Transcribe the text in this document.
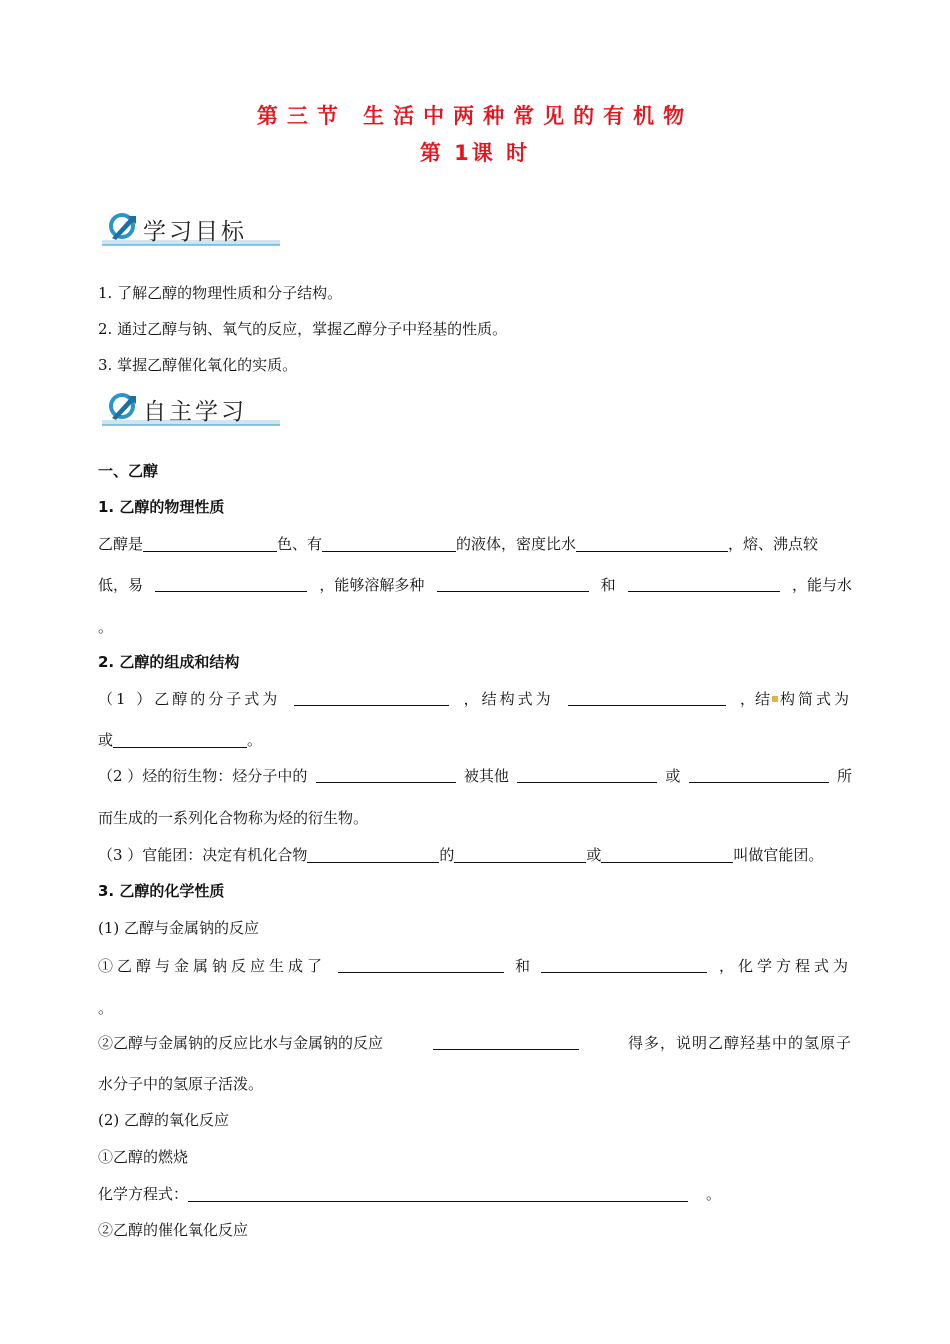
第三节 生活中两种常见的有机物
第 1课 时
学习目标
1. 了解乙醇的物理性质和分子结构。
2. 通过乙醇与钠、氧气的反应，掌握乙醇分子中羟基的性质。
3. 掌握乙醇催化氧化的实质。
自主学习
一、乙醇
1. 乙醇的物理性质
乙醇是	色、有	的液体，密度比水	，熔、沸点较
低，易	，能够溶解多种	和	，能与水
。
2. 乙醇的组成和结构
（1 ）乙醇的分子式为	，结构式为	，结 构简式为
或	。
（2 ）烃的衍生物：烃分子中的	被其他	或	所
而生成的一系列化合物称为烃的衍生物。
（3 ）官能团：决定有机化合物	的	或	叫做官能团。
3. 乙醇的化学性质
(1) 乙醇与金属钠的反应
①乙醇与金属钠反应生成了	和	，化学方程式为
。
②乙醇与金属钠的反应比水与金属钠的反应	得多，说明乙醇羟基中的氢原子
水分子中的氢原子活泼。
(2) 乙醇的氧化反应
①乙醇的燃烧
化学方程式：	。
②乙醇的催化氧化反应
